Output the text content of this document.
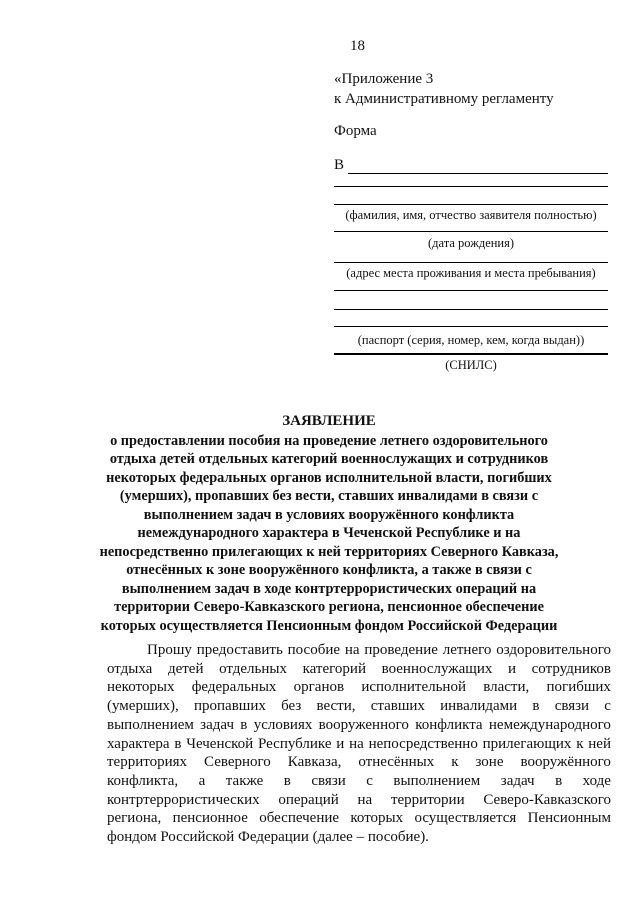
18
«Приложение 3
к Административному регламенту
Форма
В
(фамилия, имя, отчество заявителя полностью)
(дата рождения)
(адрес места проживания и места пребывания)
(паспорт (серия, номер, кем, когда выдан))
(СНИЛС)
ЗАЯВЛЕНИЕ
о предоставлении пособия на проведение летнего оздоровительного
отдыха детей отдельных категорий военнослужащих и сотрудников
некоторых федеральных органов исполнительной власти, погибших
(умерших), пропавших без вести, ставших инвалидами в связи с
выполнением задач в условиях вооружённого конфликта
немеждународного характера в Чеченской Республике и на
непосредственно прилегающих к ней территориях Северного Кавказа,
отнесённых к зоне вооружённого конфликта, а также в связи с
выполнением задач в ходе контртеррористических операций на
территории Северо-Кавказского региона, пенсионное обеспечение
которых осуществляется Пенсионным фондом Российской Федерации
Прошу предоставить пособие на проведение летнего оздоровительного
отдыха детей отдельных категорий военнослужащих и сотрудников
некоторых федеральных органов исполнительной власти, погибших
(умерших), пропавших без вести, ставших инвалидами в связи с
выполнением задач в условиях вооруженного конфликта немеждународного
характера в Чеченской Республике и на непосредственно прилегающих к ней
территориях Северного Кавказа, отнесённых к зоне вооружённого
конфликта, а также в связи с выполнением задач в ходе
контртеррористических операций на территории Северо-Кавказского
региона, пенсионное обеспечение которых осуществляется Пенсионным
фондом Российской Федерации (далее – пособие).
